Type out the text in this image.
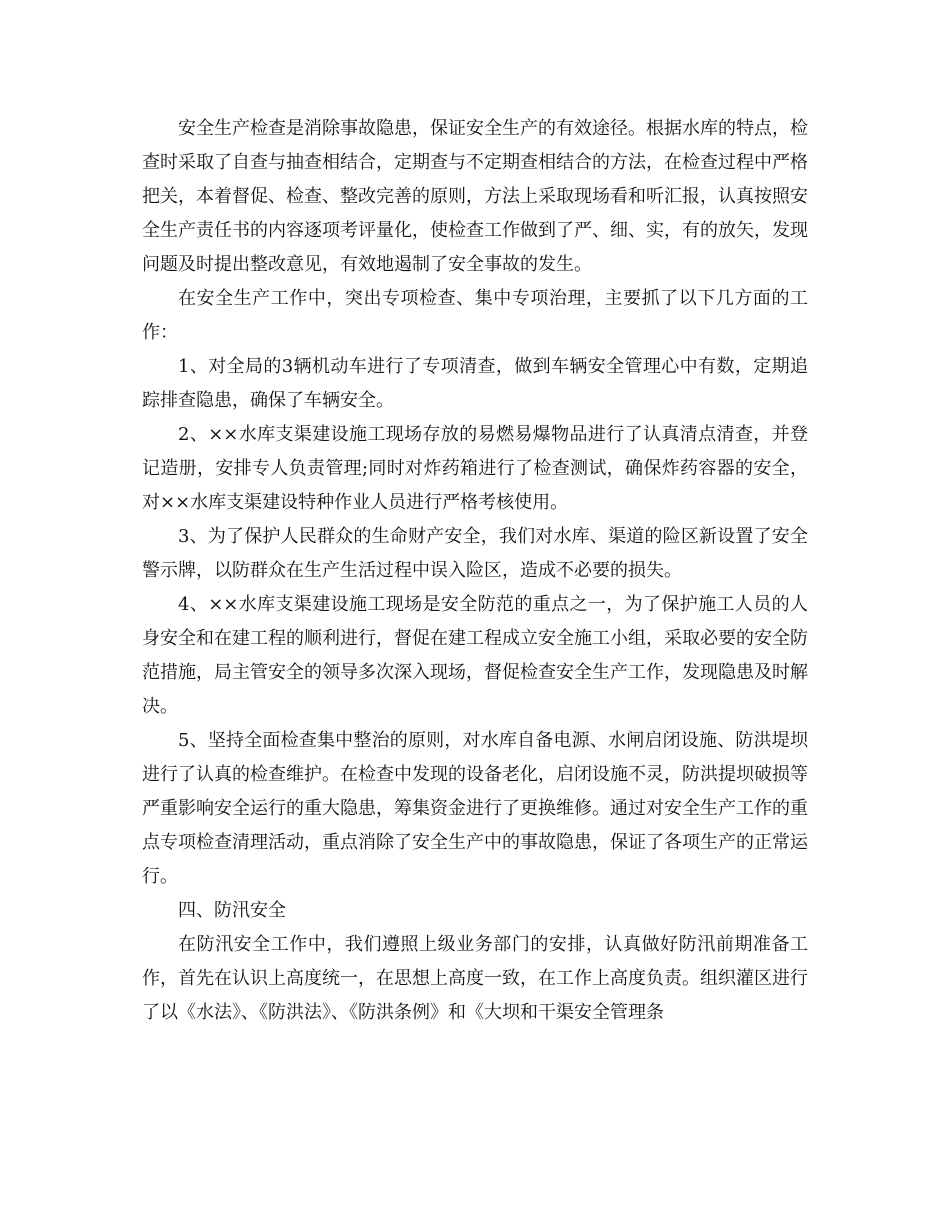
安全生产检查是消除事故隐患，保证安全生产的有效途径。根据水库的特点，检查时采取了自查与抽查相结合，定期查与不定期查相结合的方法，在检查过程中严格把关，本着督促、检查、整改完善的原则，方法上采取现场看和听汇报，认真按照安全生产责任书的内容逐项考评量化，使检查工作做到了严、细、实，有的放矢，发现问题及时提出整改意见，有效地遏制了安全事故的发生。

在安全生产工作中，突出专项检查、集中专项治理，主要抓了以下几方面的工作：

1、对全局的3辆机动车进行了专项清查，做到车辆安全管理心中有数，定期追踪排查隐患，确保了车辆安全。

2、××水库支渠建设施工现场存放的易燃易爆物品进行了认真清点清查，并登记造册，安排专人负责管理;同时对炸药箱进行了检查测试，确保炸药容器的安全，对××水库支渠建设特种作业人员进行严格考核使用。

3、为了保护人民群众的生命财产安全，我们对水库、渠道的险区新设置了安全警示牌，以防群众在生产生活过程中误入险区，造成不必要的损失。

4、××水库支渠建设施工现场是安全防范的重点之一，为了保护施工人员的人身安全和在建工程的顺利进行，督促在建工程成立安全施工小组，采取必要的安全防范措施，局主管安全的领导多次深入现场，督促检查安全生产工作，发现隐患及时解决。

5、坚持全面检查集中整治的原则，对水库自备电源、水闸启闭设施、防洪堤坝进行了认真的检查维护。在检查中发现的设备老化，启闭设施不灵，防洪提坝破损等严重影响安全运行的重大隐患，筹集资金进行了更换维修。通过对安全生产工作的重点专项检查清理活动，重点消除了安全生产中的事故隐患，保证了各项生产的正常运行。

四、防汛安全

在防汛安全工作中，我们遵照上级业务部门的安排，认真做好防汛前期准备工作，首先在认识上高度统一，在思想上高度一致，在工作上高度负责。组织灌区进行了以《水法》、《防洪法》、《防洪条例》和《大坝和干渠安全管理条
